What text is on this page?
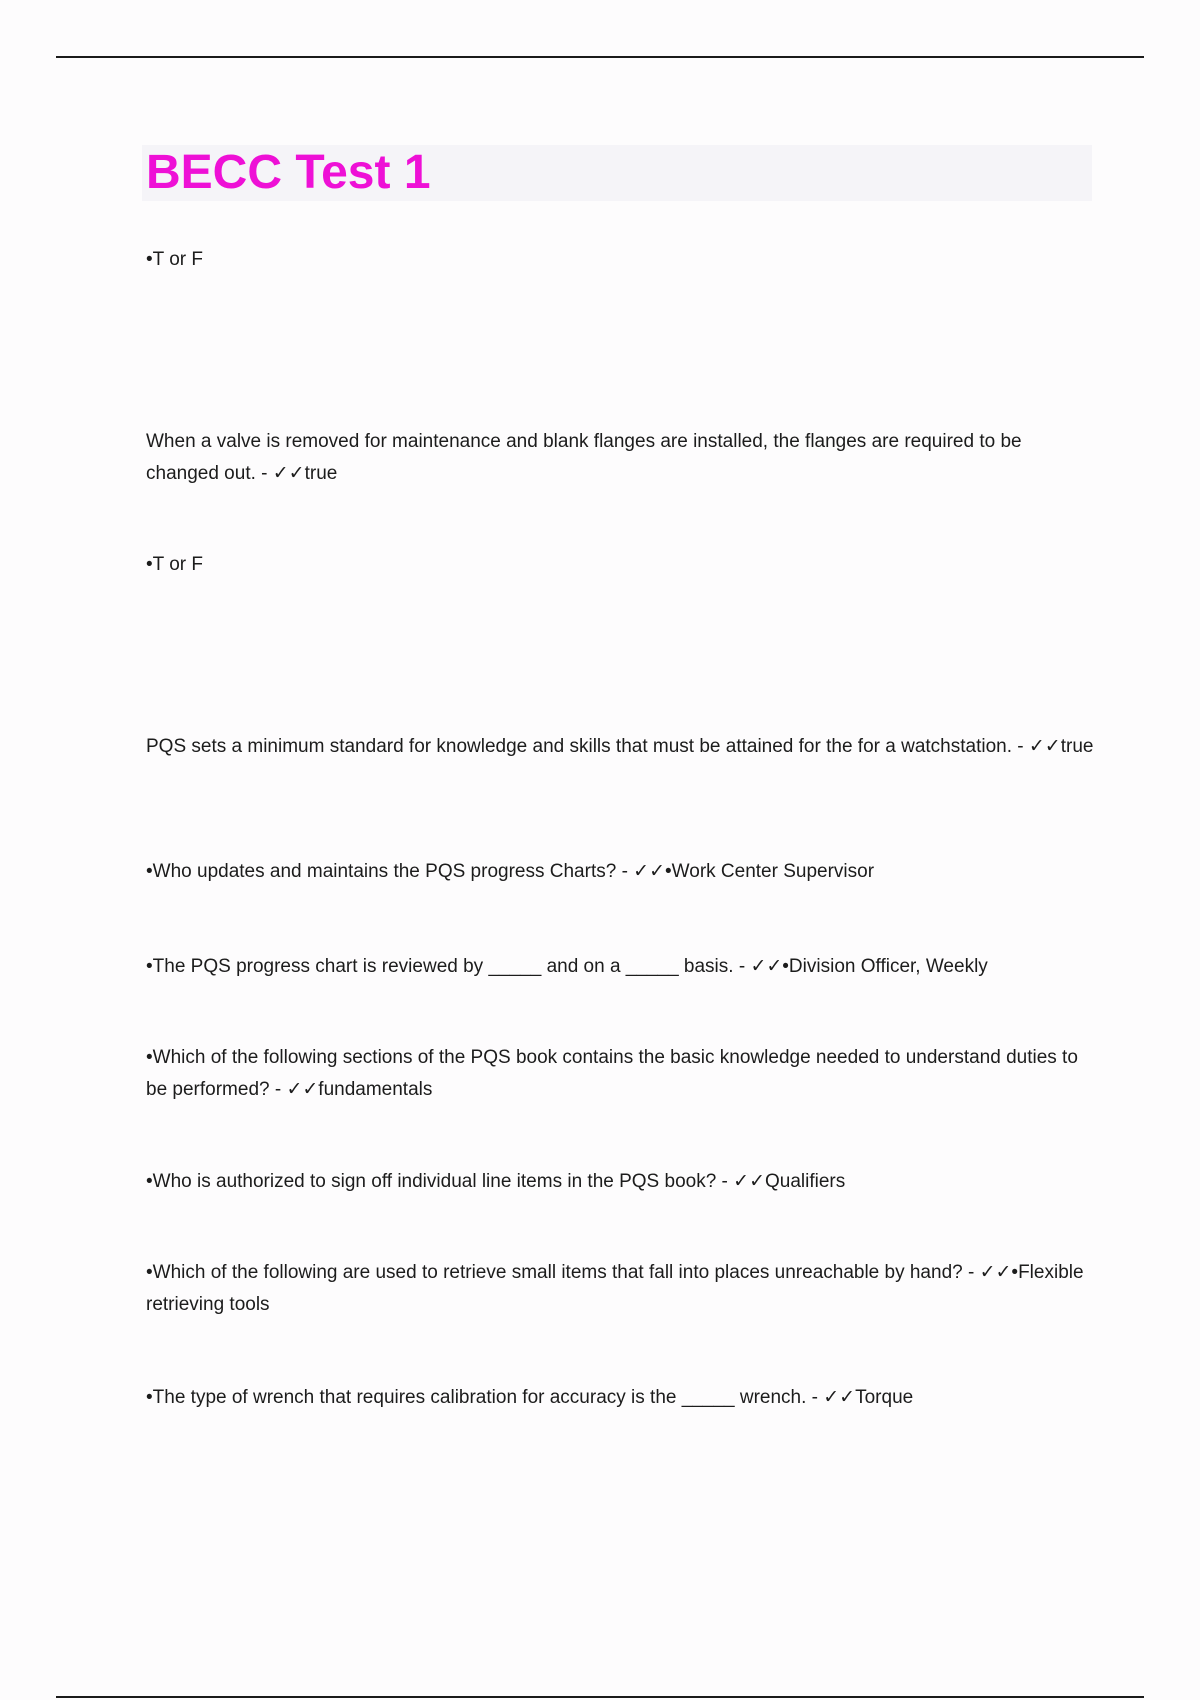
BECC Test 1

•T or F

When a valve is removed for maintenance and blank flanges are installed, the flanges are required to be changed out. - ✓✓true

•T or F

PQS sets a minimum standard for knowledge and skills that must be attained for the for a watchstation. - ✓✓true

•Who updates and maintains the PQS progress Charts? - ✓✓•Work Center Supervisor

•The PQS progress chart is reviewed by _____ and on a _____ basis. - ✓✓•Division Officer, Weekly

•Which of the following sections of the PQS book contains the basic knowledge needed to understand duties to be performed? - ✓✓fundamentals

•Who is authorized to sign off individual line items in the PQS book? - ✓✓Qualifiers

•Which of the following are used to retrieve small items that fall into places unreachable by hand? - ✓✓•Flexible retrieving tools

•The type of wrench that requires calibration for accuracy is the _____ wrench. - ✓✓Torque
